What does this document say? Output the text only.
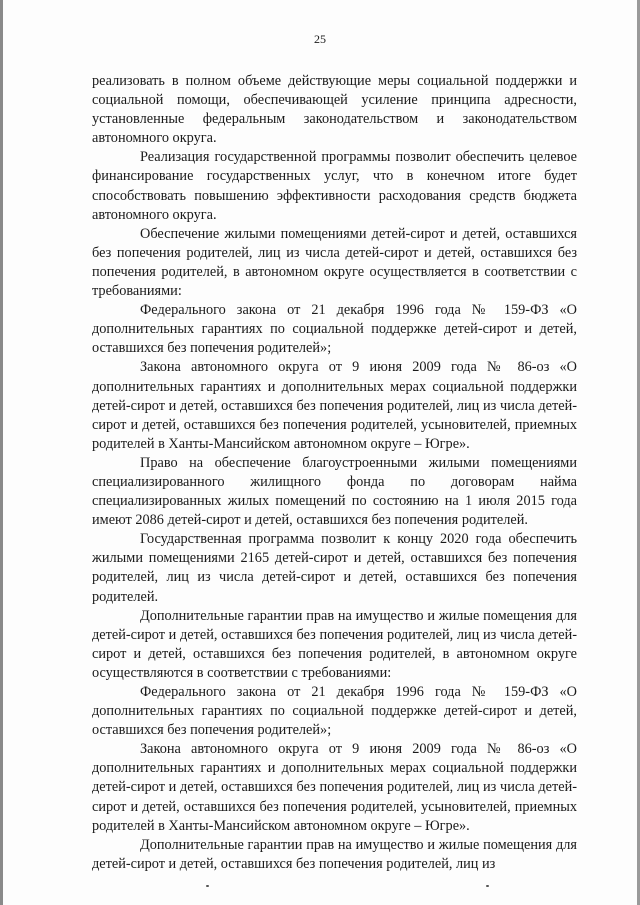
25

реализовать в полном объеме действующие меры социальной поддержки и социальной помощи, обеспечивающей усиление принципа адресности, установленные федеральным законодательством и законодательством автономного округа.

Реализация государственной программы позволит обеспечить целевое финансирование государственных услуг, что в конечном итоге будет способствовать повышению эффективности расходования средств бюджета автономного округа.

Обеспечение жилыми помещениями детей-сирот и детей, оставшихся без попечения родителей, лиц из числа детей-сирот и детей, оставшихся без попечения родителей, в автономном округе осуществляется в соответствии с требованиями:

Федерального закона от 21 декабря 1996 года № 159-ФЗ «О дополнительных гарантиях по социальной поддержке детей-сирот и детей, оставшихся без попечения родителей»;

Закона автономного округа от 9 июня 2009 года № 86-оз «О дополнительных гарантиях и дополнительных мерах социальной поддержки детей-сирот и детей, оставшихся без попечения родителей, лиц из числа детей-сирот и детей, оставшихся без попечения родителей, усыновителей, приемных родителей в Ханты-Мансийском автономном округе – Югре».

Право на обеспечение благоустроенными жилыми помещениями специализированного жилищного фонда по договорам найма специализированных жилых помещений по состоянию на 1 июля 2015 года имеют 2086 детей-сирот и детей, оставшихся без попечения родителей.

Государственная программа позволит к концу 2020 года обеспечить жилыми помещениями 2165 детей-сирот и детей, оставшихся без попечения родителей, лиц из числа детей-сирот и детей, оставшихся без попечения родителей.

Дополнительные гарантии прав на имущество и жилые помещения для детей-сирот и детей, оставшихся без попечения родителей, лиц из числа детей-сирот и детей, оставшихся без попечения родителей, в автономном округе осуществляются в соответствии с требованиями:

Федерального закона от 21 декабря 1996 года № 159-ФЗ «О дополнительных гарантиях по социальной поддержке детей-сирот и детей, оставшихся без попечения родителей»;

Закона автономного округа от 9 июня 2009 года № 86-оз «О дополнительных гарантиях и дополнительных мерах социальной поддержки детей-сирот и детей, оставшихся без попечения родителей, лиц из числа детей-сирот и детей, оставшихся без попечения родителей, усыновителей, приемных родителей в Ханты-Мансийском автономном округе – Югре».

Дополнительные гарантии прав на имущество и жилые помещения для детей-сирот и детей, оставшихся без попечения родителей, лиц из
